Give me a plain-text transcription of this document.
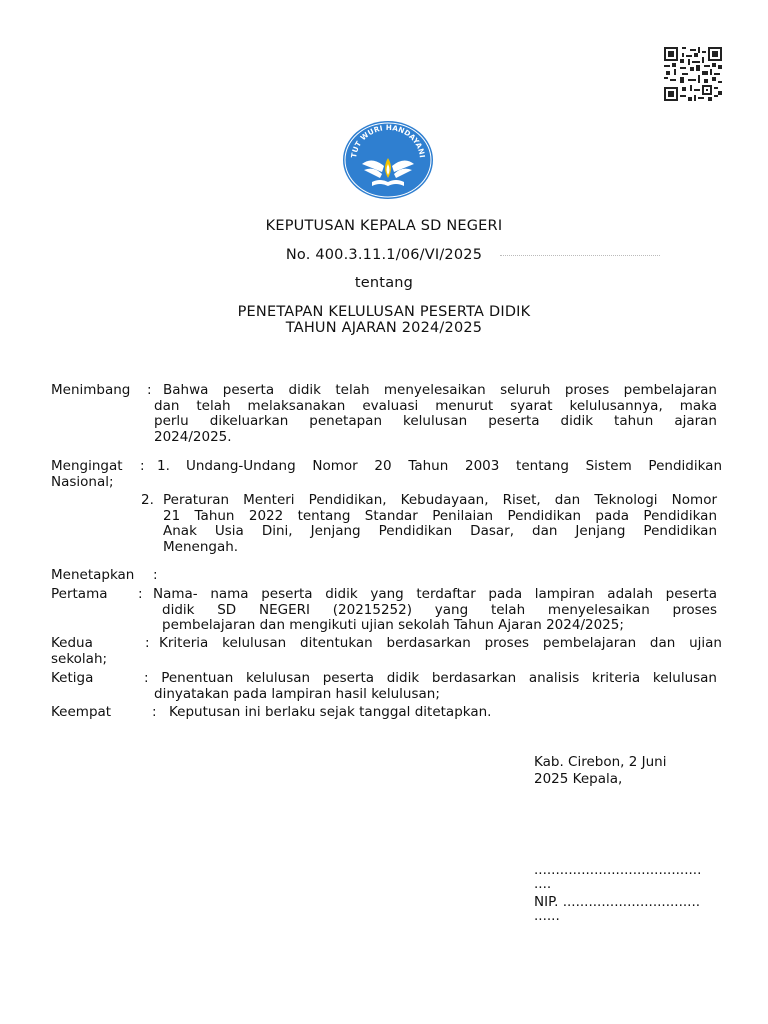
TUT WURI HANDAYANI
KEPUTUSAN KEPALA SD NEGERI
No. 400.3.11.1/06/VI/2025
tentang
PENETAPAN KELULUSAN PESERTA DIDIK
TAHUN AJARAN 2024/2025
Menimbang : Bahwa peserta didik telah menyelesaikan seluruh proses pembelajaran
dan telah melaksanakan evaluasi menurut syarat kelulusannya, maka
perlu dikeluarkan penetapan kelulusan peserta didik tahun ajaran
2024/2025.
Mengingat : 1. Undang-Undang Nomor 20 Tahun 2003 tentang Sistem Pendidikan
Nasional;
2. Peraturan Menteri Pendidikan, Kebudayaan, Riset, dan Teknologi Nomor
21 Tahun 2022 tentang Standar Penilaian Pendidikan pada Pendidikan
Anak Usia Dini, Jenjang Pendidikan Dasar, dan Jenjang Pendidikan
Menengah.
Menetapkan :
Pertama : Nama- nama peserta didik yang terdaftar pada lampiran adalah peserta
didik SD NEGERI (20215252) yang telah menyelesaikan proses
pembelajaran dan mengikuti ujian sekolah Tahun Ajaran 2024/2025;
Kedua	: Kriteria kelulusan ditentukan berdasarkan proses pembelajaran dan ujian
sekolah;
Ketiga	: Penentuan kelulusan peserta didik berdasarkan analisis kriteria kelulusan
dinyatakan pada lampiran hasil kelulusan;
Keempat	: Keputusan ini berlaku sejak tanggal ditetapkan.
Kab. Cirebon, 2 Juni
2025 Kepala,
.......................................
....
NIP. ................................
......
